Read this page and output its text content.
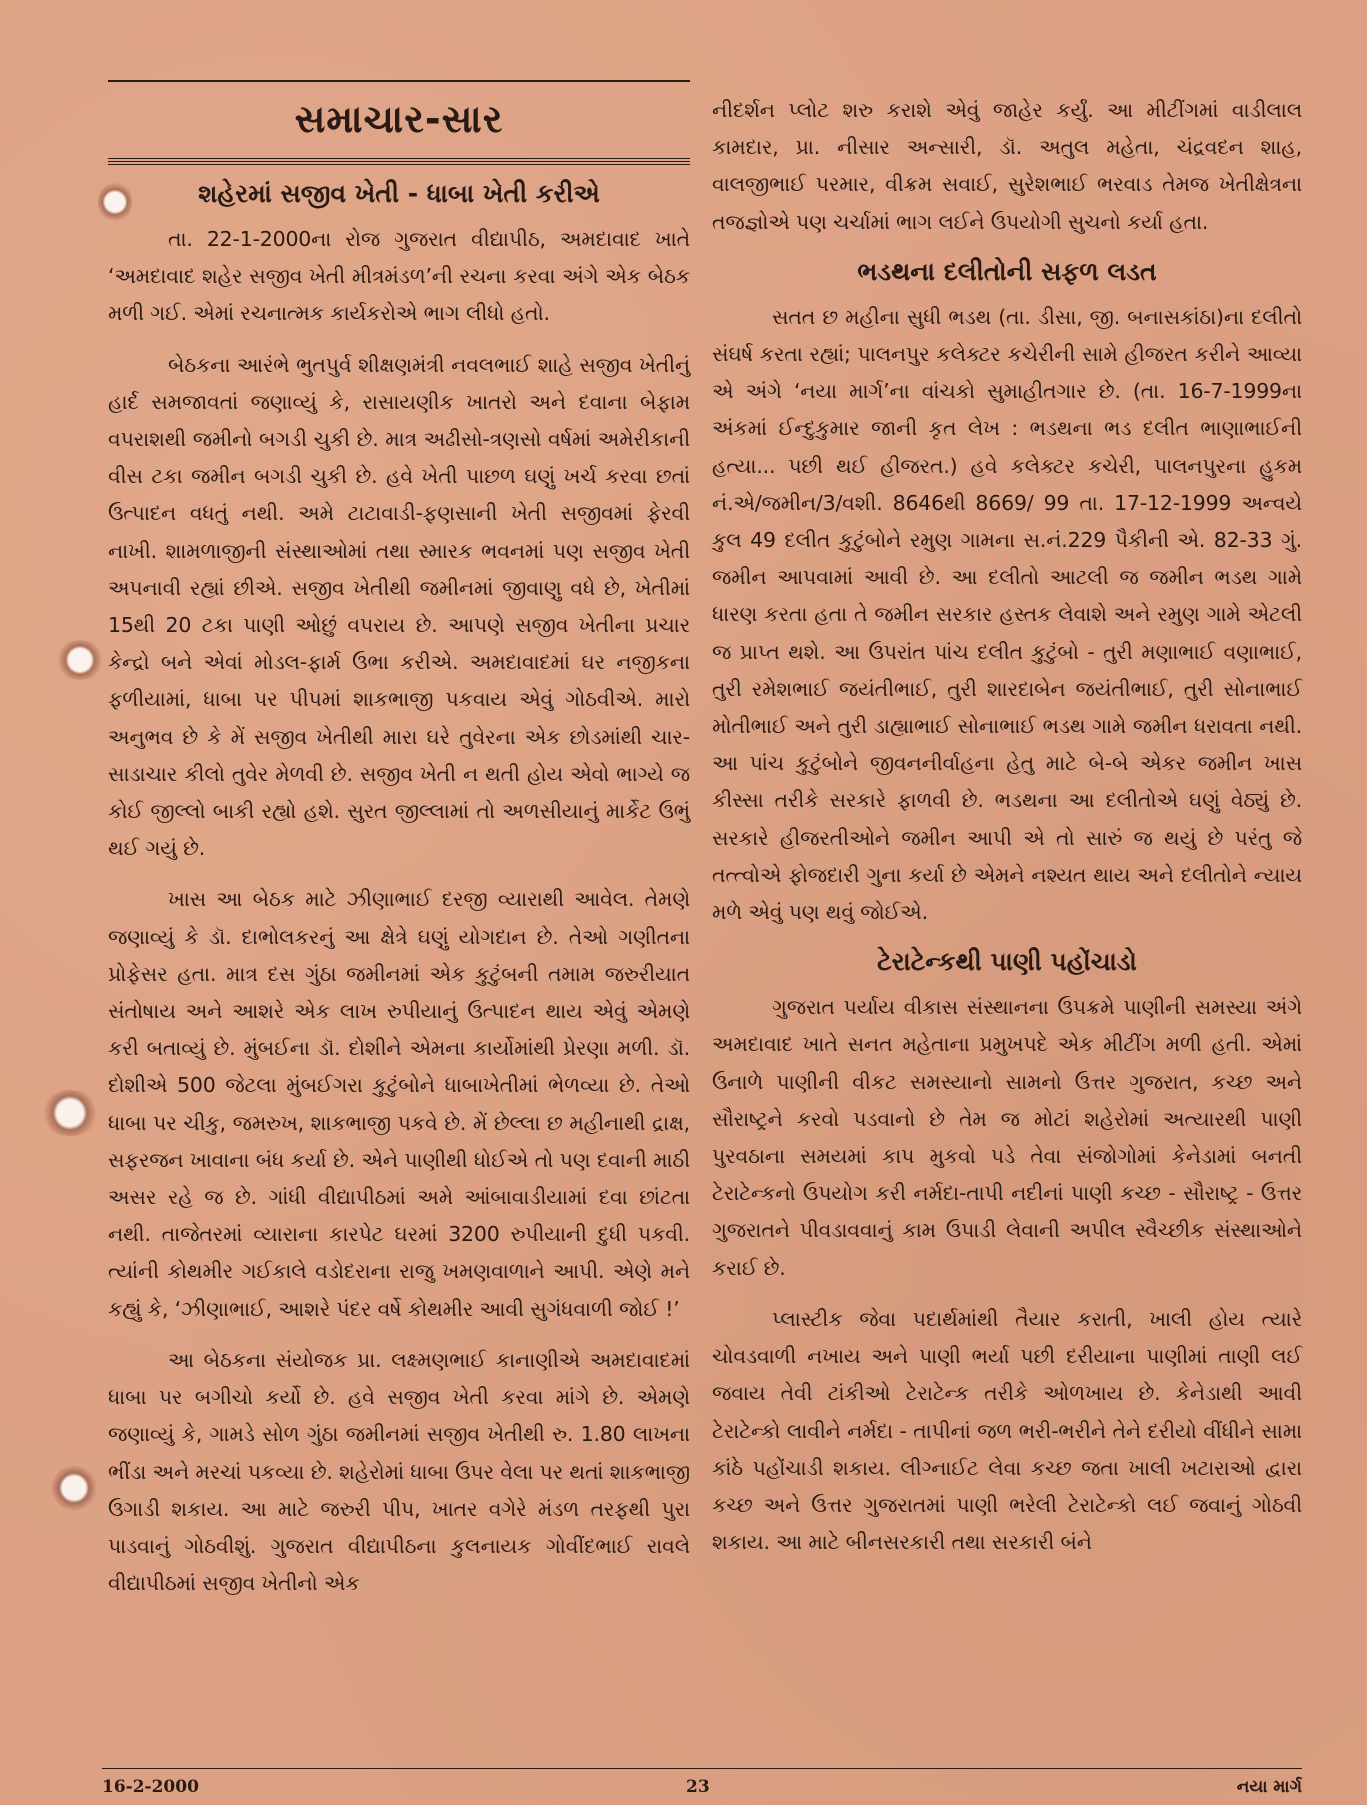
સમાચાર-સાર
શહેરમાં સજીવ ખેતી - ધાબા ખેતી કરીએ

તા. 22-1-2000ના રોજ ગુજરાત વીદ્યાપીઠ, અમદાવાદ ખાતે ‘અમદાવાદ શહેર સજીવ ખેતી મીત્રમંડળ’ની રચના કરવા અંગે એક બેઠક મળી ગઈ. એમાં રચનાત્મક કાર્યકરોએ ભાગ લીધો હતો.

બેઠકના આરંભે ભુતપુર્વ શીક્ષણમંત્રી નવલભાઈ શાહે સજીવ ખેતીનું હાર્દ સમજાવતાં જણાવ્યું કે, રાસાયણીક ખાતરો અને દવાના બેફામ વપરાશથી જમીનો બગડી ચુકી છે. માત્ર અઢીસો-ત્રણસો વર્ષમાં અમેરીકાની વીસ ટકા જમીન બગડી ચુકી છે. હવે ખેતી પાછળ ઘણું ખર્ચ કરવા છતાં ઉત્પાદન વધતું નથી. અમે ટાટાવાડી-ફણસાની ખેતી સજીવમાં ફેરવી નાખી. શામળાજીની સંસ્થાઓમાં તથા સ્મારક ભવનમાં પણ સજીવ ખેતી અપનાવી રહ્યાં છીએ. સજીવ ખેતીથી જમીનમાં જીવાણુ વધે છે, ખેતીમાં 15થી 20 ટકા પાણી ઓછું વપરાય છે. આપણે સજીવ ખેતીના પ્રચાર કેન્દ્રો બને એવાં મોડલ-ફાર્મ ઉભા કરીએ. અમદાવાદમાં ઘર નજીકના ફળીયામાં, ધાબા પર પીપમાં શાકભાજી પકવાય એવું ગોઠવીએ. મારો અનુભવ છે કે મેં સજીવ ખેતીથી મારા ઘરે તુવેરના એક છોડમાંથી ચાર-સાડાચાર કીલો તુવેર મેળવી છે. સજીવ ખેતી ન થતી હોય એવો ભાગ્યે જ કોઈ જીલ્લો બાકી રહ્યો હશે. સુરત જીલ્લામાં તો અળસીયાનું માર્કેટ ઉભું થઈ ગયું છે.

ખાસ આ બેઠક માટે ઝીણાભાઈ દરજી વ્યારાથી આવેલ. તેમણે જણાવ્યું કે ડૉ. દાભોલકરનું આ ક્ષેત્રે ઘણું યોગદાન છે. તેઓ ગણીતના પ્રોફેસર હતા. માત્ર દસ ગુંઠા જમીનમાં એક કુટુંબની તમામ જરુરીયાત સંતોષાય અને આશરે એક લાખ રુપીયાનું ઉત્પાદન થાય એવું એમણે કરી બતાવ્યું છે. મુંબઈના ડૉ. દોશીને એમના કાર્યોમાંથી પ્રેરણા મળી. ડૉ. દોશીએ 500 જેટલા મુંબઈગરા કુટુંબોને ધાબાખેતીમાં ભેળવ્યા છે. તેઓ ધાબા પર ચીકુ, જમરુખ, શાકભાજી પકવે છે. મેં છેલ્લા છ મહીનાથી દ્રાક્ષ, સફરજન ખાવાના બંધ કર્યા છે. એને પાણીથી ધોઈએ તો પણ દવાની માઠી અસર રહે જ છે. ગાંધી વીદ્યાપીઠમાં અમે આંબાવાડીયામાં દવા છાંટતા નથી. તાજેતરમાં વ્યારાના કારપેટ ઘરમાં 3200 રુપીયાની દુધી પકવી. ત્યાંની કોથમીર ગઈકાલે વડોદરાના રાજુ ખમણવાળાને આપી. એણે મને કહ્યું કે, ‘ઝીણાભાઈ, આશરે પંદર વર્ષે કોથમીર આવી સુગંધવાળી જોઈ !’

આ બેઠકના સંયોજક પ્રા. લક્ષ્મણભાઈ કાનાણીએ અમદાવાદમાં ધાબા પર બગીચો કર્યો છે. હવે સજીવ ખેતી કરવા માંગે છે. એમણે જણાવ્યું કે, ગામડે સોળ ગુંઠા જમીનમાં સજીવ ખેતીથી રુ. 1.80 લાખના ભીંડા અને મરચાં પકવ્યા છે. શહેરોમાં ધાબા ઉપર વેલા પર થતાં શાકભાજી ઉગાડી શકાય. આ માટે જરુરી પીપ, ખાતર વગેરે મંડળ તરફથી પુરા પાડવાનું ગોઠવીશું. ગુજરાત વીદ્યાપીઠના કુલનાયક ગોવીંદભાઈ રાવલે વીદ્યાપીઠમાં સજીવ ખેતીનો એક

નીદર્શન પ્લોટ શરુ કરાશે એવું જાહેર કર્યું. આ મીટીંગમાં વાડીલાલ કામદાર, પ્રા. નીસાર અન્સારી, ડૉ. અતુલ મહેતા, ચંદ્રવદન શાહ, વાલજીભાઈ પરમાર, વીક્રમ સવાઈ, સુરેશભાઈ ભરવાડ તેમજ ખેતીક્ષેત્રના તજજ્ઞોએ પણ ચર્ચામાં ભાગ લઈને ઉપયોગી સુચનો કર્યા હતા.

ભડથના દલીતોની સફળ લડત

સતત છ મહીના સુધી ભડથ (તા. ડીસા, જી. બનાસકાંઠા)ના દલીતો સંઘર્ષ કરતા રહ્યાં; પાલનપુર કલેક્ટર કચેરીની સામે હીજરત કરીને આવ્યા એ અંગે ‘નયા માર્ગ’ના વાંચકો સુમાહીતગાર છે. (તા. 16-7-1999ના અંકમાં ઈન્દુકુમાર જાની કૃત લેખ : ભડથના ભડ દલીત ભાણાભાઈની હત્યા... પછી થઈ હીજરત.) હવે કલેક્ટર કચેરી, પાલનપુરના હુકમ નં.એ/જમીન/3/વશી. 8646થી 8669/ 99 તા. 17-12-1999 અન્વયે કુલ 49 દલીત કુટુંબોને રમુણ ગામના સ.નં.229 પૈકીની એ. 82-33 ગું. જમીન આપવામાં આવી છે. આ દલીતો આટલી જ જમીન ભડથ ગામે ધારણ કરતા હતા તે જમીન સરકાર હસ્તક લેવાશે અને રમુણ ગામે એટલી જ પ્રાપ્ત થશે. આ ઉપરાંત પાંચ દલીત કુટુંબો - તુરી મણાભાઈ વણાભાઈ, તુરી રમેશભાઈ જયંતીભાઈ, તુરી શારદાબેન જયંતીભાઈ, તુરી સોનાભાઈ મોતીભાઈ અને તુરી ડાહ્યાભાઈ સોનાભાઈ ભડથ ગામે જમીન ધરાવતા નથી. આ પાંચ કુટુંબોને જીવનનીર્વાહના હેતુ માટે બે-બે એકર જમીન ખાસ કીસ્સા તરીકે સરકારે ફાળવી છે. ભડથના આ દલીતોએ ઘણું વેઠ્યું છે. સરકારે હીજરતીઓને જમીન આપી એ તો સારું જ થયું છે પરંતુ જે તત્ત્વોએ ફોજદારી ગુના કર્યા છે એમને નશ્યત થાય અને દલીતોને ન્યાય મળે એવું પણ થવું જોઈએ.

ટેરાટેન્કથી પાણી પહોંચાડો

ગુજરાત પર્યાય વીકાસ સંસ્થાનના ઉપક્રમે પાણીની સમસ્યા અંગે અમદાવાદ ખાતે સનત મહેતાના પ્રમુખપદે એક મીટીંગ મળી હતી. એમાં ઉનાળે પાણીની વીકટ સમસ્યાનો સામનો ઉત્તર ગુજરાત, કચ્છ અને સૌરાષ્ટ્રને કરવો પડવાનો છે તેમ જ મોટાં શહેરોમાં અત્યારથી પાણી પુરવઠાના સમયમાં કાપ મુકવો પડે તેવા સંજોગોમાં કેનેડામાં બનતી ટેરાટેન્કનો ઉપયોગ કરી નર્મદા-તાપી નદીનાં પાણી કચ્છ - સૌરાષ્ટ્ર - ઉત્તર ગુજરાતને પીવડાવવાનું કામ ઉપાડી લેવાની અપીલ સ્વૈચ્છીક સંસ્થાઓને કરાઈ છે.

પ્લાસ્ટીક જેવા પદાર્થમાંથી તૈયાર કરાતી, ખાલી હોય ત્યારે ચોવડવાળી નખાય અને પાણી ભર્યા પછી દરીયાના પાણીમાં તાણી લઈ જવાય તેવી ટાંકીઓ ટેરાટેન્ક તરીકે ઓળખાય છે. કેનેડાથી આવી ટેરાટેન્કો લાવીને નર્મદા - તાપીનાં જળ ભરી-ભરીને તેને દરીયો વીંધીને સામા કાંઠે પહોંચાડી શકાય. લીગ્નાઈટ લેવા કચ્છ જતા ખાલી ખટારાઓ દ્વારા કચ્છ અને ઉત્તર ગુજરાતમાં પાણી ભરેલી ટેરાટેન્કો લઈ જવાનું ગોઠવી શકાય. આ માટે બીનસરકારી તથા સરકારી બંને

16-2-2000	23	નયા માર્ગ
